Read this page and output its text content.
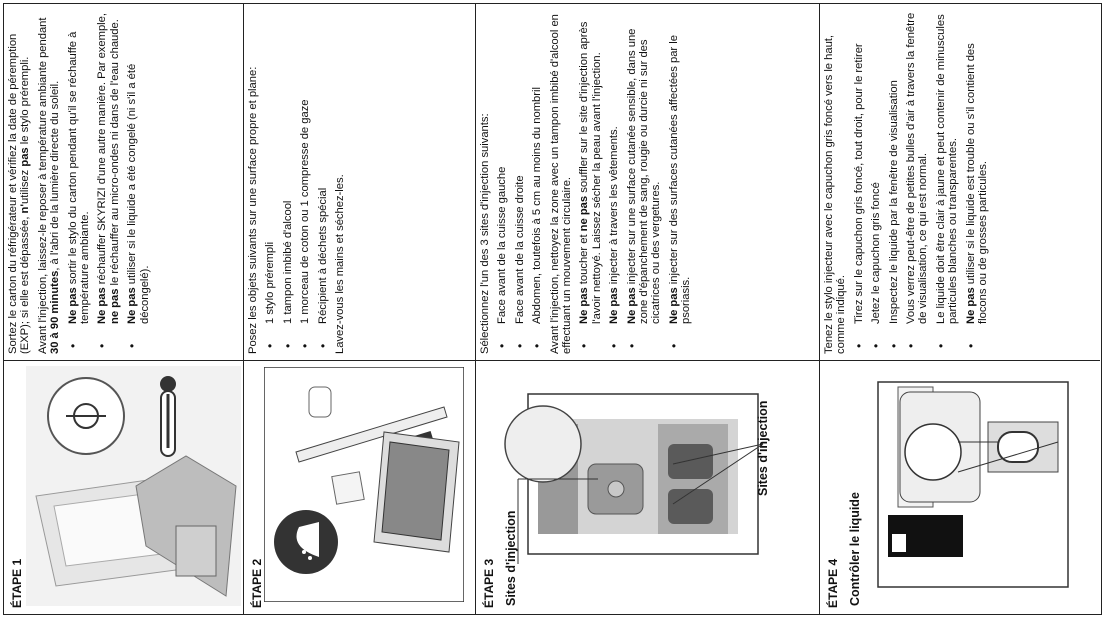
ÉTAPE 1

Sortez le carton du réfrigérateur et vérifiez la date de péremption (EXP); si elle est dépassée, n'utilisez pas le stylo prérempli. Avant l'injection, laissez-le reposer à température ambiante pendant 30 à 90 minutes, à l'abri de la lumière directe du soleil.

• Ne pas sortir le stylo du carton pendant qu'il se réchauffe à température ambiante. • Ne pas réchauffer SKYRIZI d'une autre manière. Par exemple, ne pas le réchauffer au micro-ondes ni dans de l'eau chaude.
• Ne pas utiliser si le liquide a été congelé (ni s'il a été décongelé).
ÉTAPE 2

Posez les objets suivants sur une surface propre et plane: • 1 stylo prérempli • 1 tampon imbibé d'alcool • 1 morceau de coton ou 1 compresse de gaze • Récipient à déchets spécial Lavez-vous les mains et séchez-les.

ÉTAPE 3 Sites d'injection
Sites d'injection

Sélectionnez l'un des 3 sites d'injection suivants: • Face avant de la cuisse gauche • Face avant de la cuisse droite • Abdomen, toutefois à 5 cm au moins du nombril Avant l'injection, nettoyez la zone avec un tampon imbibé d'alcool en effectuant un mouvement circulaire. • Ne pas toucher et ne pas souffler sur le site d'injection après l'avoir nettoyé. Laissez sécher la peau avant l'injection. • Ne pas injecter à travers les vêtements.
• Ne pas injecter sur une surface cutanée sensible, dans une zone d'épanchement de sang, rougie ou durcie ni sur des cicatrices ou des vergetures. • Ne pas injecter sur des surfaces cutanées affectées par le psoriasis.
ÉTAPE 4 Contrôler le liquide

Tenez le stylo injecteur avec le capuchon gris foncé vers le haut, comme indiqué. • Tirez sur le capuchon gris foncé, tout droit, pour le retirer • Jetez le capuchon gris foncé • Inspectez le liquide par la fenêtre de visualisation • Vous verrez peut-être de petites bulles d'air à travers la fenêtre de visualisation, ce qui est normal. • Le liquide doit être clair à jaune et peut contenir de minuscules particules blanches ou transparentes. • Ne pas utiliser si le liquide est trouble ou s'il contient des flocons ou de grosses particules.
